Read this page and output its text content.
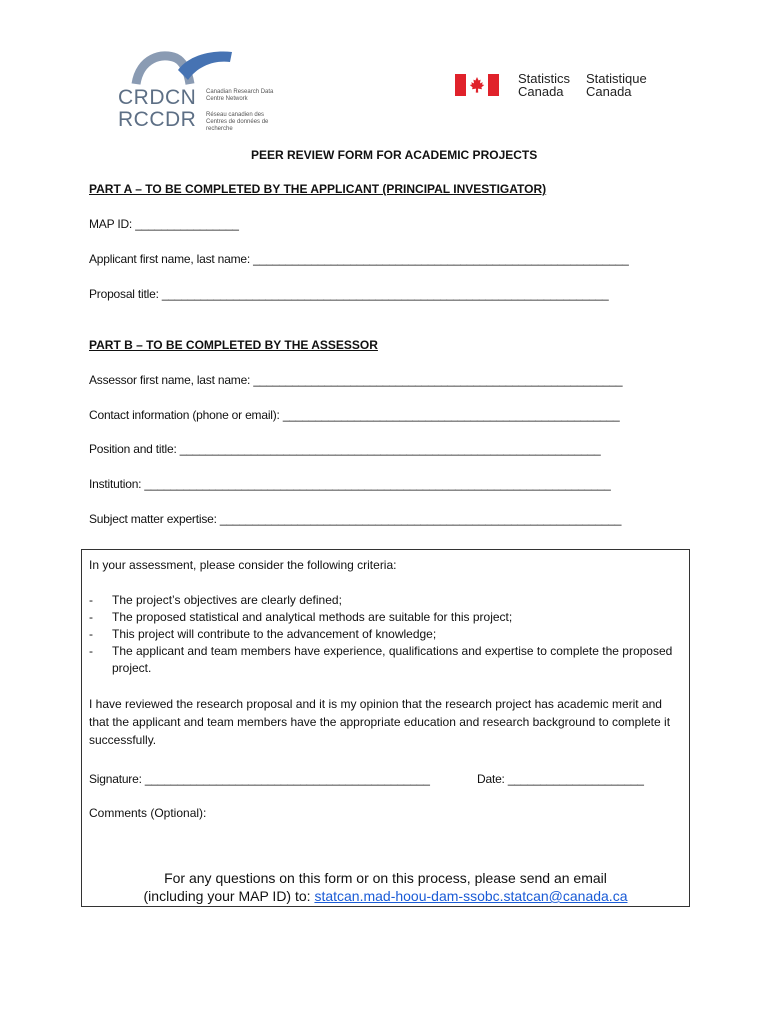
CRDCN Canadian Research Data Centre Network
RCCDR Réseau canadien des Centres de données de recherche
Statistics
Canada
Statistique
Canada
PEER REVIEW FORM FOR ACADEMIC PROJECTS
PART A – TO BE COMPLETED BY THE APPLICANT (PRINCIPAL INVESTIGATOR)
MAP ID: ________________
Applicant first name, last name: __________________________________________________________
Proposal title: _____________________________________________________________________
PART B – TO BE COMPLETED BY THE ASSESSOR
Assessor first name, last name: _________________________________________________________
Contact information (phone or email): ____________________________________________________
Position and title: _________________________________________________________________
Institution: ________________________________________________________________________
Subject matter expertise: ______________________________________________________________
In your assessment, please consider the following criteria:
- The project’s objectives are clearly defined;
- The proposed statistical and analytical methods are suitable for this project;
- This project will contribute to the advancement of knowledge;
- The applicant and team members have experience, qualifications and expertise to complete the proposed project.
I have reviewed the research proposal and it is my opinion that the research project has academic merit and that the applicant and team members have the appropriate education and research background to complete it successfully.
Signature: ____________________________________________	Date: _____________________
Comments (Optional):
For any questions on this form or on this process, please send an email
(including your MAP ID) to: statcan.mad-hoou-dam-ssobc.statcan@canada.ca
